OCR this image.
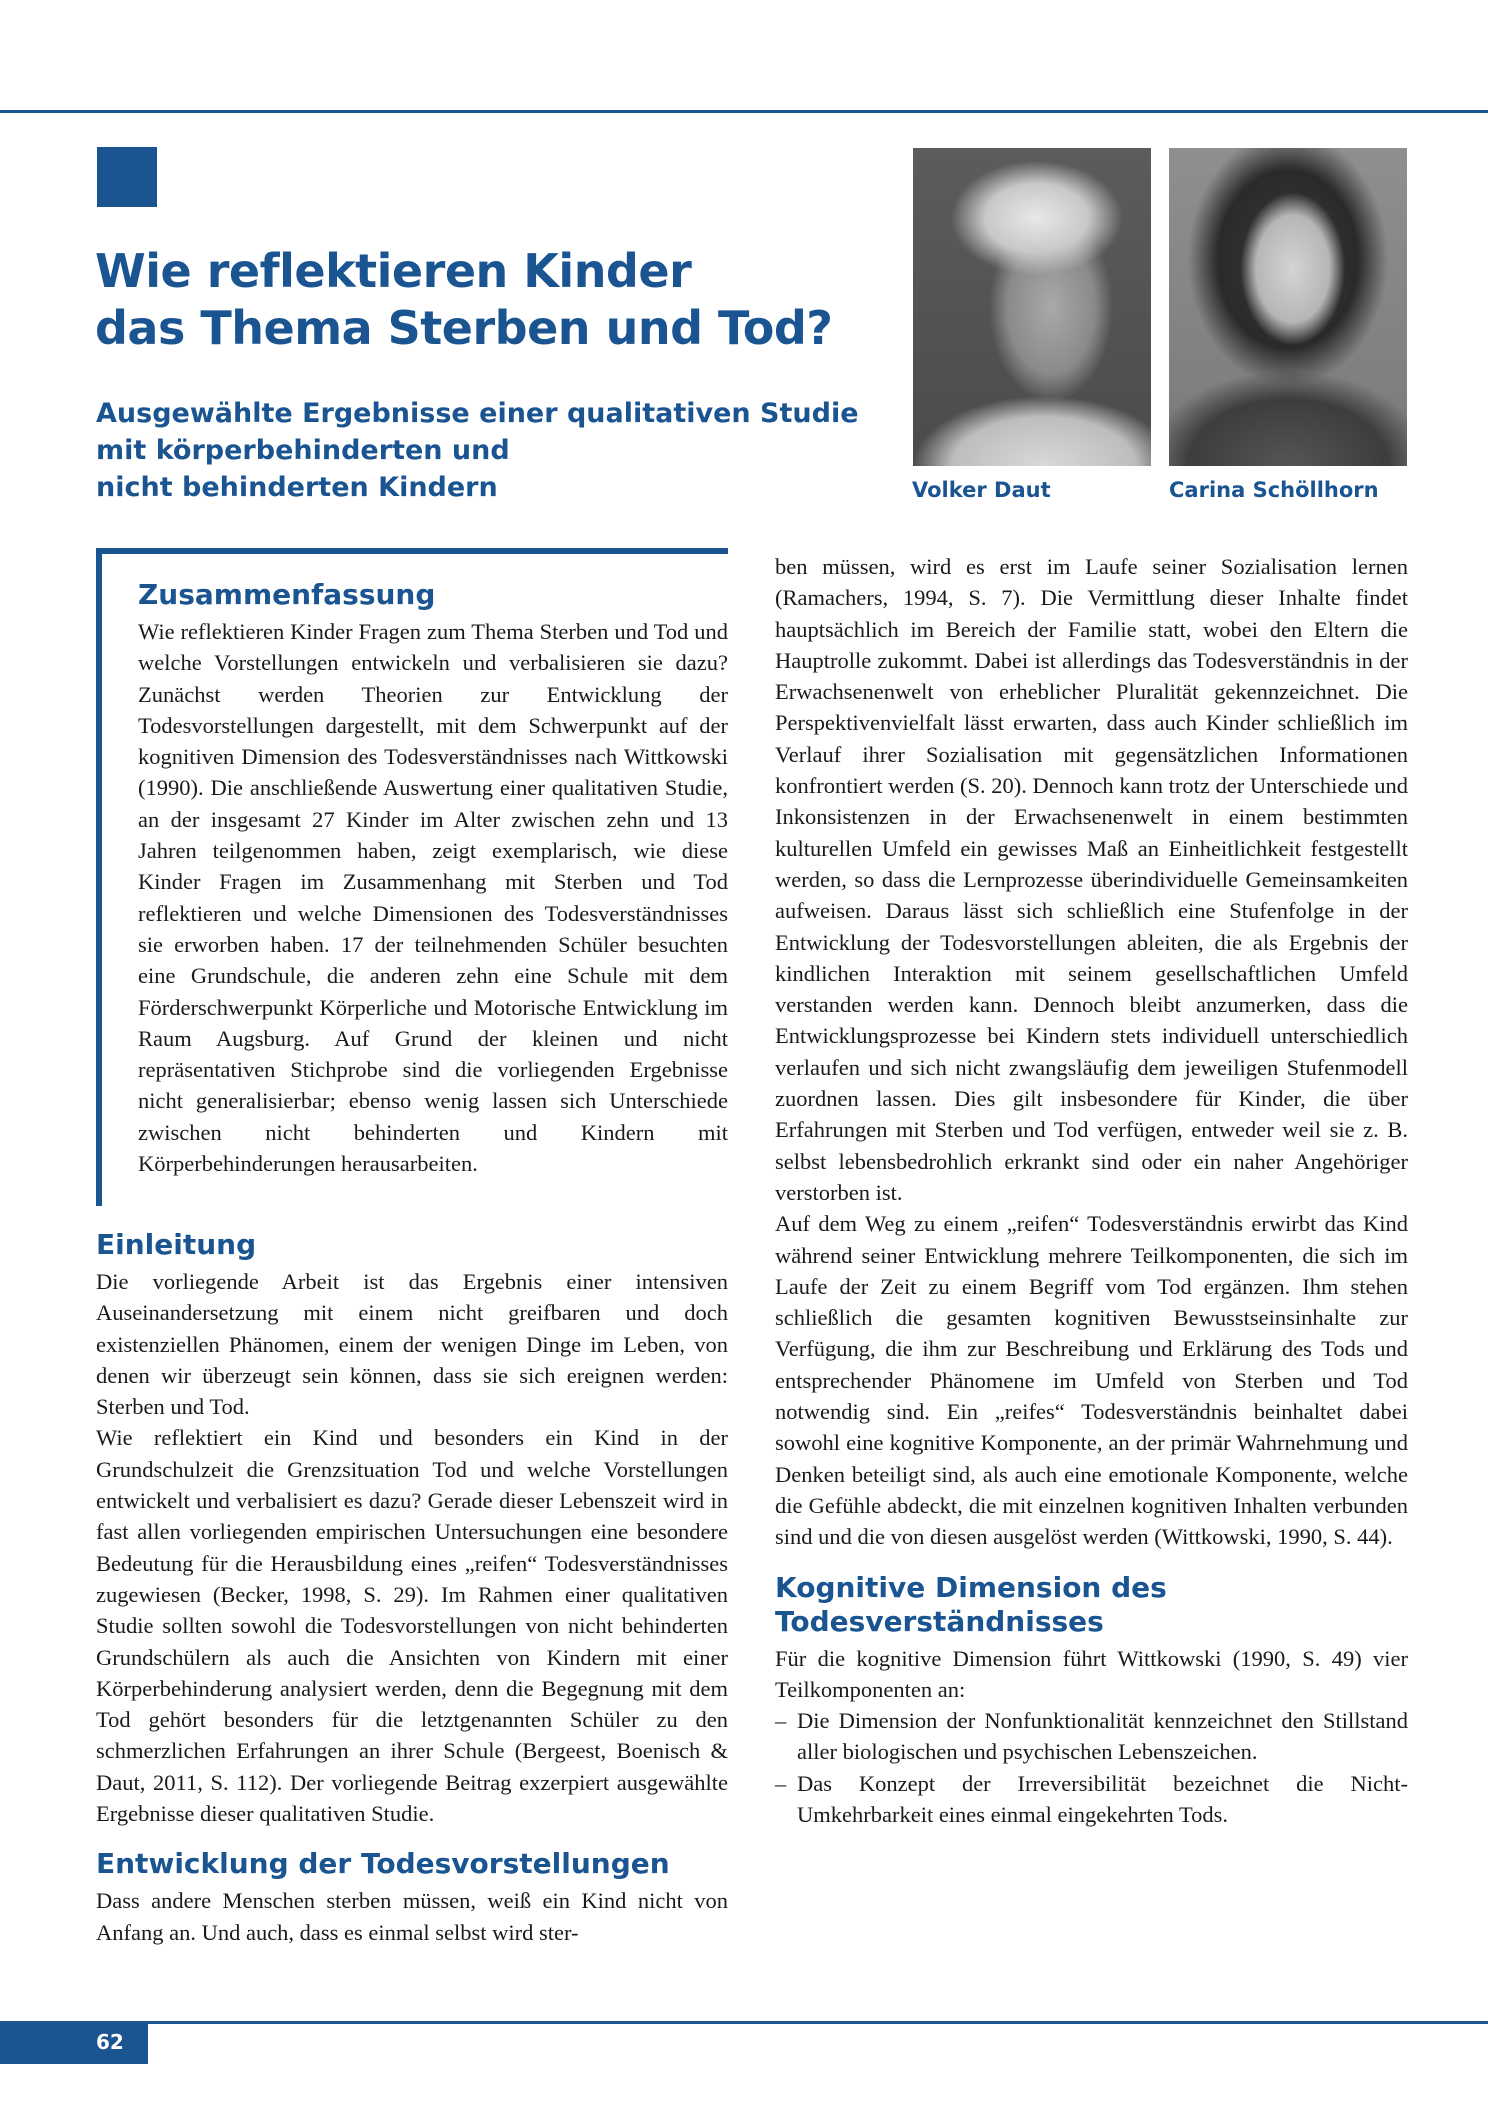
Wie reflektieren Kinder
das Thema Sterben und Tod?
Ausgewählte Ergebnisse einer qualitativen Studie
mit körperbehinderten und
nicht behinderten Kindern	Volker Daut	Carina Schöllhorn

Zusammenfassung

Wie reflektieren Kinder Fragen zum Thema Sterben und Tod und welche Vorstellungen entwickeln und verbalisieren sie dazu? Zunächst werden Theorien zur Entwicklung der Todesvorstellungen dargestellt, mit dem Schwerpunkt auf der kognitiven Dimension des Todesverständnisses nach Wittkowski (1990). Die anschließende Auswertung einer qualitativen Studie, an der insgesamt 27 Kinder im Alter zwischen zehn und 13 Jahren teilgenommen haben, zeigt exemplarisch, wie diese Kinder Fragen im Zusammenhang mit Sterben und Tod reflektieren und welche Dimensionen des Todesverständnisses sie erworben haben. 17 der teilnehmenden Schüler besuchten eine Grundschule, die anderen zehn eine Schule mit dem Förderschwerpunkt Körperliche und Motorische Entwicklung im Raum Augsburg. Auf Grund der kleinen und nicht repräsentativen Stichprobe sind die vorliegenden Ergebnisse nicht generalisierbar; ebenso wenig lassen sich Unterschiede zwischen nicht behinderten und Kindern mit Körperbehinderungen herausarbeiten.

Einleitung

Die vorliegende Arbeit ist das Ergebnis einer intensiven Auseinandersetzung mit einem nicht greifbaren und doch existenziellen Phänomen, einem der wenigen Dinge im Leben, von denen wir überzeugt sein können, dass sie sich ereignen werden: Sterben und Tod.

Wie reflektiert ein Kind und besonders ein Kind in der Grundschulzeit die Grenzsituation Tod und welche Vorstellungen entwickelt und verbalisiert es dazu? Gerade dieser Lebenszeit wird in fast allen vorliegenden empirischen Untersuchungen eine besondere Bedeutung für die Herausbildung eines „reifen“ Todesverständnisses zugewiesen (Becker, 1998, S. 29). Im Rahmen einer qualitativen Studie sollten sowohl die Todesvorstellungen von nicht behinderten Grundschülern als auch die Ansichten von Kindern mit einer Körperbehinderung analysiert werden, denn die Begegnung mit dem Tod gehört besonders für die letztgenannten Schüler zu den schmerzlichen Erfahrungen an ihrer Schule (Bergeest, Boenisch & Daut, 2011, S. 112). Der vorliegende Beitrag exzerpiert ausgewählte Ergebnisse dieser qualitativen Studie.

Entwicklung der Todesvorstellungen

Dass andere Menschen sterben müssen, weiß ein Kind nicht von Anfang an. Und auch, dass es einmal selbst wird ster-

ben müssen, wird es erst im Laufe seiner Sozialisation lernen (Ramachers, 1994, S. 7). Die Vermittlung dieser Inhalte findet hauptsächlich im Bereich der Familie statt, wobei den Eltern die Hauptrolle zukommt. Dabei ist allerdings das Todesverständnis in der Erwachsenenwelt von erheblicher Pluralität gekennzeichnet. Die Perspektivenvielfalt lässt erwarten, dass auch Kinder schließlich im Verlauf ihrer Sozialisation mit gegensätzlichen Informationen konfrontiert werden (S. 20). Dennoch kann trotz der Unterschiede und Inkonsistenzen in der Erwachsenenwelt in einem bestimmten kulturellen Umfeld ein gewisses Maß an Einheitlichkeit festgestellt werden, so dass die Lernprozesse überindividuelle Gemeinsamkeiten aufweisen. Daraus lässt sich schließlich eine Stufenfolge in der Entwicklung der Todesvorstellungen ableiten, die als Ergebnis der kindlichen Interaktion mit seinem gesellschaftlichen Umfeld verstanden werden kann. Dennoch bleibt anzumerken, dass die Entwicklungsprozesse bei Kindern stets individuell unterschiedlich verlaufen und sich nicht zwangsläufig dem jeweiligen Stufenmodell zuordnen lassen. Dies gilt insbesondere für Kinder, die über Erfahrungen mit Sterben und Tod verfügen, entweder weil sie z. B. selbst lebensbedrohlich erkrankt sind oder ein naher Angehöriger verstorben ist.

Auf dem Weg zu einem „reifen“ Todesverständnis erwirbt das Kind während seiner Entwicklung mehrere Teilkomponenten, die sich im Laufe der Zeit zu einem Begriff vom Tod ergänzen. Ihm stehen schließlich die gesamten kognitiven Bewusstseinsinhalte zur Verfügung, die ihm zur Beschreibung und Erklärung des Tods und entsprechender Phänomene im Umfeld von Sterben und Tod notwendig sind. Ein „reifes“ Todesverständnis beinhaltet dabei sowohl eine kognitive Komponente, an der primär Wahrnehmung und Denken beteiligt sind, als auch eine emotionale Komponente, welche die Gefühle abdeckt, die mit einzelnen kognitiven Inhalten verbunden sind und die von diesen ausgelöst werden (Wittkowski, 1990, S. 44).

Kognitive Dimension des
Todesverständnisses

Für die kognitive Dimension führt Wittkowski (1990, S. 49) vier Teilkomponenten an:

– Die Dimension der Nonfunktionalität kennzeichnet den Stillstand aller biologischen und psychischen Lebenszeichen.
– Das Konzept der Irreversibilität bezeichnet die Nicht-Umkehrbarkeit eines einmal eingekehrten Tods.
62
